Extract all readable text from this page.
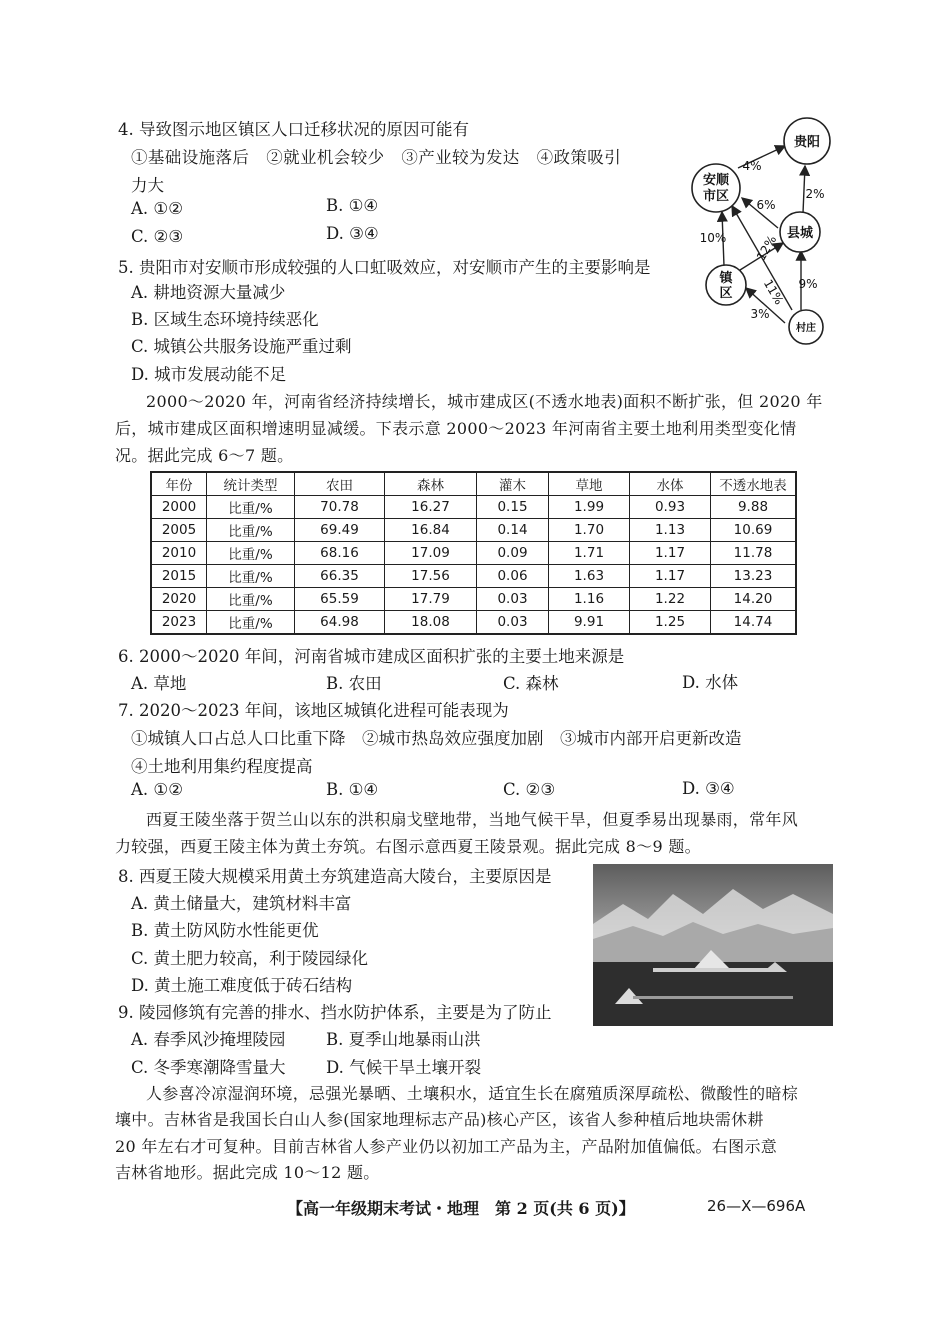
4. 导致图示地区镇区人口迁移状况的原因可能有
①基础设施落后　②就业机会较少　③产业较为发达　④政策吸引
力大
A. ①②	B. ①④
C. ②③	D. ③④
贵阳
安顺
市区
县城
镇
区
村庄
4%
2%
6%
10% 12%
9%
3%
11%
5. 贵阳市对安顺市形成较强的人口虹吸效应，对安顺市产生的主要影响是
A. 耕地资源大量减少
B. 区域生态环境持续恶化
C. 城镇公共服务设施严重过剩
D. 城市发展动能不足
2000～2020 年，河南省经济持续增长，城市建成区(不透水地表)面积不断扩张，但 2020 年
后，城市建成区面积增速明显减缓。下表示意 2000～2023 年河南省主要土地利用类型变化情
况。据此完成 6～7 题。
年份	统计类型	农田	森林	灌木	草地	水体	不透水地表
2000	比重/%	70.78	16.27	0.15	1.99	0.93	9.88
2005	比重/%	69.49	16.84	0.14	1.70	1.13	10.69
2010	比重/%	68.16	17.09	0.09	1.71	1.17	11.78
2015	比重/%	66.35	17.56	0.06	1.63	1.17	13.23
2020	比重/%	65.59	17.79	0.03	1.16	1.22	14.20
2023	比重/%	64.98	18.08	0.03	9.91	1.25	14.74
6. 2000～2020 年间，河南省城市建成区面积扩张的主要土地来源是
A. 草地	B. 农田	C. 森林	D. 水体
7. 2020～2023 年间，该地区城镇化进程可能表现为
①城镇人口占总人口比重下降　②城市热岛效应强度加剧　③城市内部开启更新改造
④土地利用集约程度提高
A. ①②	B. ①④	C. ②③	D. ③④
西夏王陵坐落于贺兰山以东的洪积扇戈壁地带，当地气候干旱，但夏季易出现暴雨，常年风
力较强，西夏王陵主体为黄土夯筑。右图示意西夏王陵景观。据此完成 8～9 题。
8. 西夏王陵大规模采用黄土夯筑建造高大陵台，主要原因是
A. 黄土储量大，建筑材料丰富
B. 黄土防风防水性能更优
C. 黄土肥力较高，利于陵园绿化
D. 黄土施工难度低于砖石结构
9. 陵园修筑有完善的排水、挡水防护体系，主要是为了防止
A. 春季风沙掩埋陵园 B. 夏季山地暴雨山洪
C. 冬季寒潮降雪量大 D. 气候干旱土壤开裂
人参喜冷凉湿润环境，忌强光暴晒、土壤积水，适宜生长在腐殖质深厚疏松、微酸性的暗棕
壤中。吉林省是我国长白山人参(国家地理标志产品)核心产区，该省人参种植后地块需休耕
20 年左右才可复种。目前吉林省人参产业仍以初加工产品为主，产品附加值偏低。右图示意
吉林省地形。据此完成 10～12 题。
【高一年级期末考试・地理　第 2 页(共 6 页)】	26—X—696A
